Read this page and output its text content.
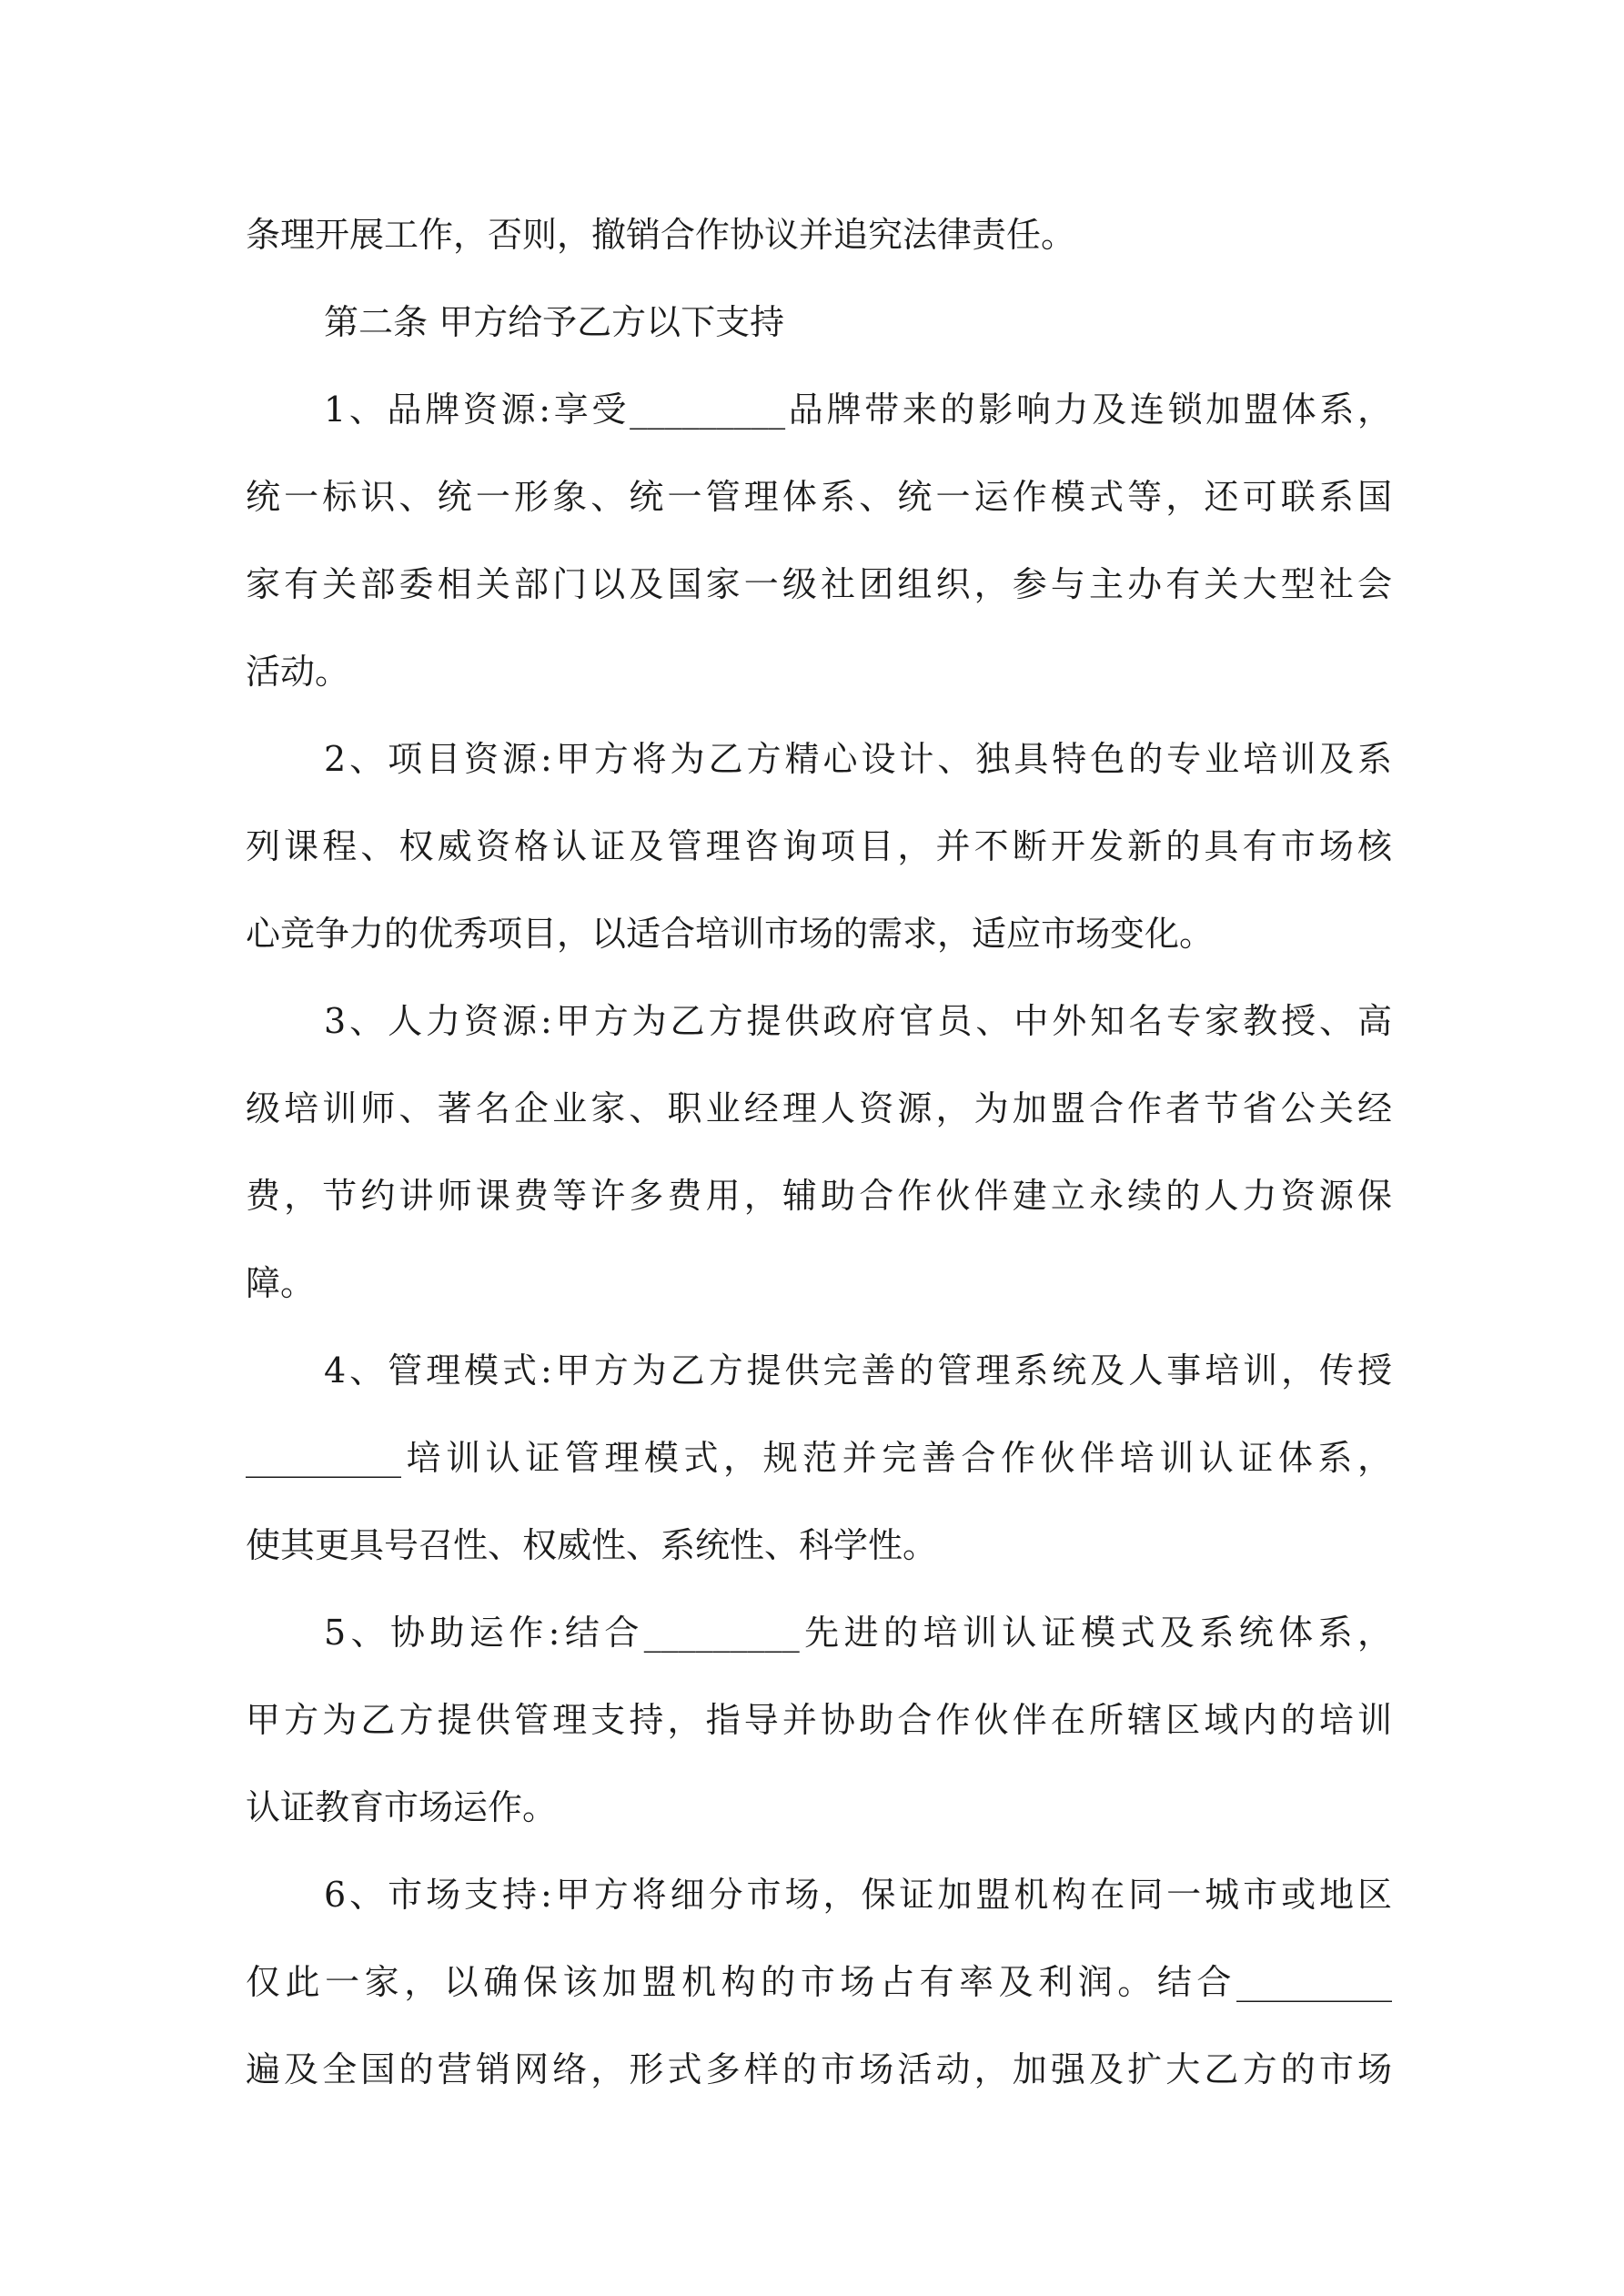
条理开展工作，否则，撤销合作协议并追究法律责任。
第二条 甲方给予乙方以下支持
1、品牌资源:享受_________品牌带来的影响力及连锁加盟体系，
统一标识、统一形象、统一管理体系、统一运作模式等，还可联系国
家有关部委相关部门以及国家一级社团组织，参与主办有关大型社会
活动。
2、项目资源:甲方将为乙方精心设计、独具特色的专业培训及系
列课程、权威资格认证及管理咨询项目，并不断开发新的具有市场核
心竞争力的优秀项目，以适合培训市场的需求，适应市场变化。
3、人力资源:甲方为乙方提供政府官员、中外知名专家教授、高
级培训师、著名企业家、职业经理人资源，为加盟合作者节省公关经
费，节约讲师课费等许多费用，辅助合作伙伴建立永续的人力资源保
障。
4、管理模式:甲方为乙方提供完善的管理系统及人事培训，传授
_________培训认证管理模式，规范并完善合作伙伴培训认证体系，
使其更具号召性、权威性、系统性、科学性。
5、协助运作:结合_________先进的培训认证模式及系统体系，
甲方为乙方提供管理支持，指导并协助合作伙伴在所辖区域内的培训
认证教育市场运作。
6、市场支持:甲方将细分市场，保证加盟机构在同一城市或地区
仅此一家，以确保该加盟机构的市场占有率及利润。结合_________
遍及全国的营销网络，形式多样的市场活动，加强及扩大乙方的市场
